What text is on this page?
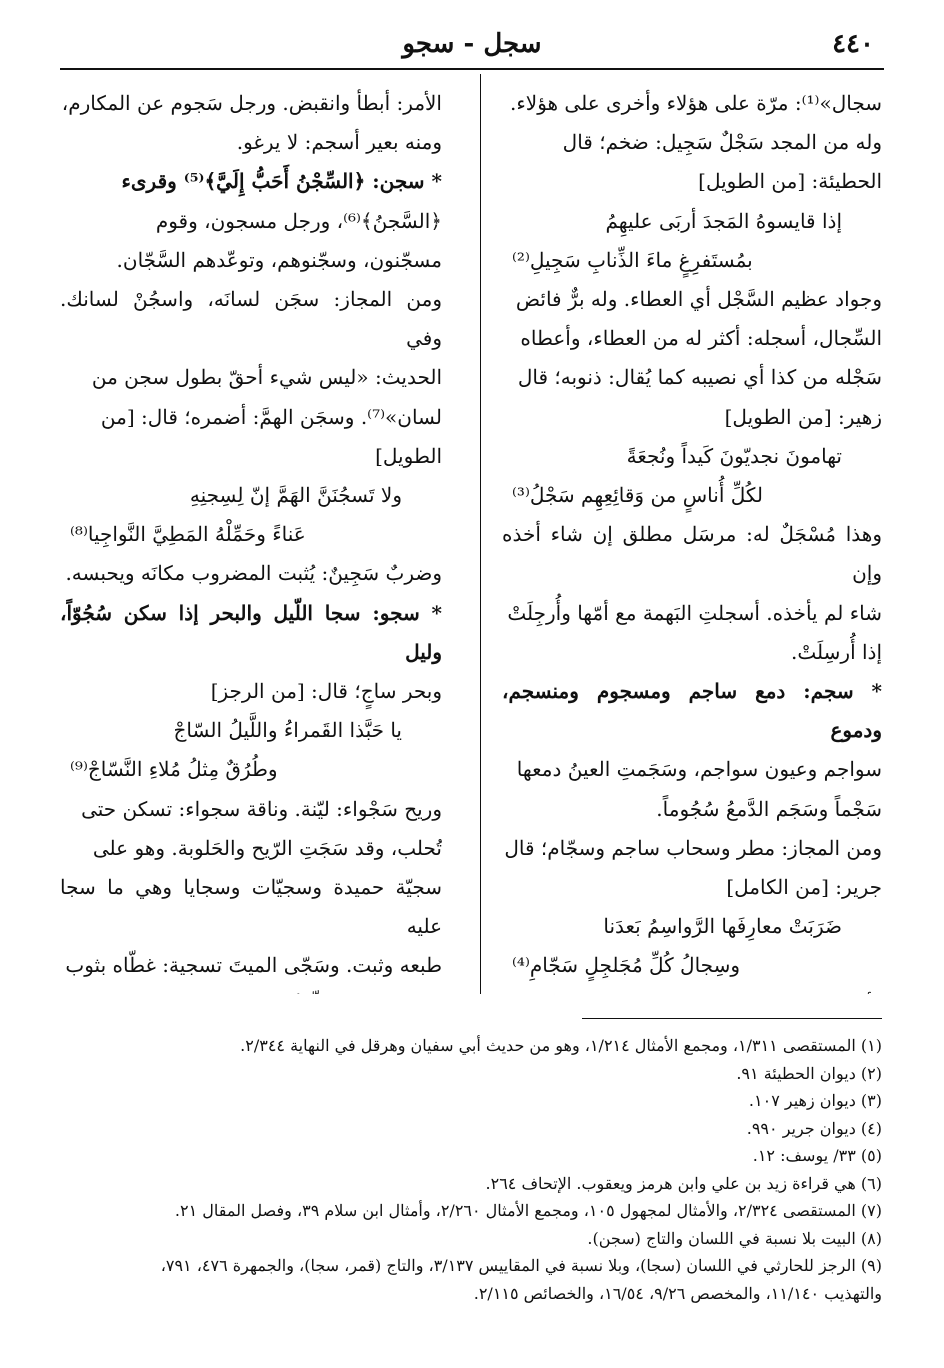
٤٤٠
سجل - سجو

سجال»⁽¹⁾: مرّة على هؤلاء وأخرى على هؤلاء.

وله من المجد سَجْلٌ سَجِيل: ضخم؛ قال

الحطيئة: [من الطويل]

إذا قايسوهُ المَجدَ أربَى عليهِمُ

بمُستَفرِغٍ ماءَ الذِّنابِ سَجِيلِ⁽²⁾

وجواد عظيم السَّجْل أي العطاء. وله برٌّ فائض

السِّجال، أسجله: أكثر له من العطاء، وأعطاه

سَجْله من كذا أي نصيبه كما يُقال: ذنوبه؛ قال

زهير: [من الطويل]

تهامونَ نجديّونَ كَيداً ونُجعَةً

لكُلِّ أُناسٍ من وَقائِعِهِم سَجْلُ⁽³⁾

وهذا مُسْجَلٌ له: مرسَل مطلق إن شاء أخذه وإن

شاء لم يأخذه. أسجلتِ البَهمة مع أمّها وأُرجِلَتْ

إذا أُرسِلَتْ.

* سجم: دمع ساجم ومسجوم ومنسجم، ودموع

سواجم وعيون سواجم، وسَجَمتِ العينُ دمعها

سَجْماً وسَجَم الدَّمعُ سُجُوماً.

ومن المجاز: مطر وسحاب ساجم وسجّام؛ قال

جرير: [من الكامل]

ضَرَبَتْ معارِفَها الرَّواسِمُ بَعدَنا

وسِجالُ كُلِّ مُجَلجِلٍ سَجّامِ⁽⁴⁾

الأمر: أبطأ وانقبض. ورجل سَجوم عن المكارم،

ومنه بعير أسجم: لا يرغو.

* سجن: ﴿السِّجْنُ أَحَبُّ إِلَيَّ﴾⁽⁵⁾ وقرىء

﴿السَّجنُ﴾⁽⁶⁾، ورجل مسجون، وقوم

مسجّنون، وسجّنوهم، وتوعّدهم السَّجّان.

ومن المجاز: سجَن لسانَه، واسجُنْ لسانك. وفي

الحديث: «ليس شيء أحقّ بطول سجن من

لسان»⁽⁷⁾. وسجَن الهمَّ: أضمره؛ قال: [من

الطويل]

ولا تَسجُنَنَّ الهَمَّ إنّ لِسِجنِهِ

عَناءً وحَمِّلْهُ المَطِيَّ النَّواجِيا⁽⁸⁾

وضربٌ سَجِينٌ: يُثبت المضروب مكانَه ويحبسه.

* سجو: سجا اللّيل والبحر إذا سكن سُجُوّاً، وليل

وبحر ساجٍ؛ قال: [من الرجز]

يا حَبَّذا القَمراءُ واللَّيلُ السّاجْ

وطُرُقٌ مِثلُ مُلاءِ النَّسّاجْ⁽⁹⁾

وريح سَجْواء: ليّنة. وناقة سجواء: تسكن حتى

تُحلب، وقد سَجَتِ الرّيح والحَلوبة. وهو على

سجيّة حميدة وسجيّات وسجايا وهي ما سجا عليه

طبعه وثبت. وسَجّى الميتَ تسجية: غطّاه بثوب

(١) المستقصى ١/٣١١، ومجمع الأمثال ١/٢١٤، وهو من حديث أبي سفيان وهرقل في النهاية ٢/٣٤٤.
(٢) ديوان الحطيئة ٩١.
(٣) ديوان زهير ١٠٧.
(٤) ديوان جرير ٩٩٠.
(٥) ٣٣/ يوسف: ١٢.
(٦) هي قراءة زيد بن علي وابن هرمز ويعقوب. الإتحاف ٢٦٤.
(٧) المستقصى ٢/٣٢٤، والأمثال لمجهول ١٠٥، ومجمع الأمثال ٢/٢٦٠، وأمثال ابن سلام ٣٩، وفصل المقال ٢١.
(٨) البيت بلا نسبة في اللسان والتاج (سجن).
(٩) الرجز للحارثي في اللسان (سجا)، وبلا نسبة في المقاييس ٣/١٣٧، والتاج (قمر، سجا)، والجمهرة ٤٧٦، ٧٩١،
والتهذيب ١١/١٤٠، والمخصص ٩/٢٦، ١٦/٥٤، والخصائص ٢/١١٥.
